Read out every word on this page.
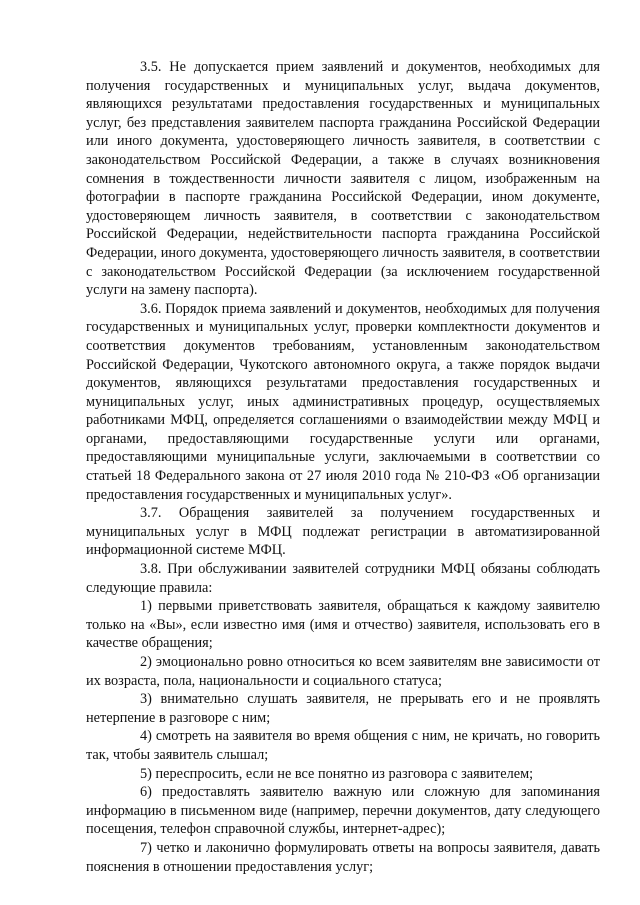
3.5. Не допускается прием заявлений и документов, необходимых для получения государственных и муниципальных услуг, выдача документов, являющихся результатами предоставления государственных и муниципальных услуг, без представления заявителем паспорта гражданина Российской Федерации или иного документа, удостоверяющего личность заявителя, в соответствии с законодательством Российской Федерации, а также в случаях возникновения сомнения в тождественности личности заявителя с лицом, изображенным на фотографии в паспорте гражданина Российской Федерации, ином документе, удостоверяющем личность заявителя, в соответствии с законодательством Российской Федерации, недействительности паспорта гражданина Российской Федерации, иного документа, удостоверяющего личность заявителя, в соответствии с законодательством Российской Федерации (за исключением государственной услуги на замену паспорта).

3.6. Порядок приема заявлений и документов, необходимых для получения государственных и муниципальных услуг, проверки комплектности документов и соответствия документов требованиям, установленным законодательством Российской Федерации, Чукотского автономного округа, а также порядок выдачи документов, являющихся результатами предоставления государственных и муниципальных услуг, иных административных процедур, осуществляемых работниками МФЦ, определяется соглашениями о взаимодействии между МФЦ и органами, предоставляющими государственные услуги или органами, предоставляющими муниципальные услуги, заключаемыми в соответствии со статьей 18 Федерального закона от 27 июля 2010 года № 210-ФЗ «Об организации предоставления государственных и муниципальных услуг».

3.7. Обращения заявителей за получением государственных и муниципальных услуг в МФЦ подлежат регистрации в автоматизированной информационной системе МФЦ.

3.8. При обслуживании заявителей сотрудники МФЦ обязаны соблюдать следующие правила:

1) первыми приветствовать заявителя, обращаться к каждому заявителю только на «Вы», если известно имя (имя и отчество) заявителя, использовать его в качестве обращения;

2) эмоционально ровно относиться ко всем заявителям вне зависимости от их возраста, пола, национальности и социального статуса;

3) внимательно слушать заявителя, не прерывать его и не проявлять нетерпение в разговоре с ним;

4) смотреть на заявителя во время общения с ним, не кричать, но говорить так, чтобы заявитель слышал;

5) переспросить, если не все понятно из разговора с заявителем;

6) предоставлять заявителю важную или сложную для запоминания информацию в письменном виде (например, перечни документов, дату следующего посещения, телефон справочной службы, интернет-адрес);

7) четко и лаконично формулировать ответы на вопросы заявителя, давать пояснения в отношении предоставления услуг;
